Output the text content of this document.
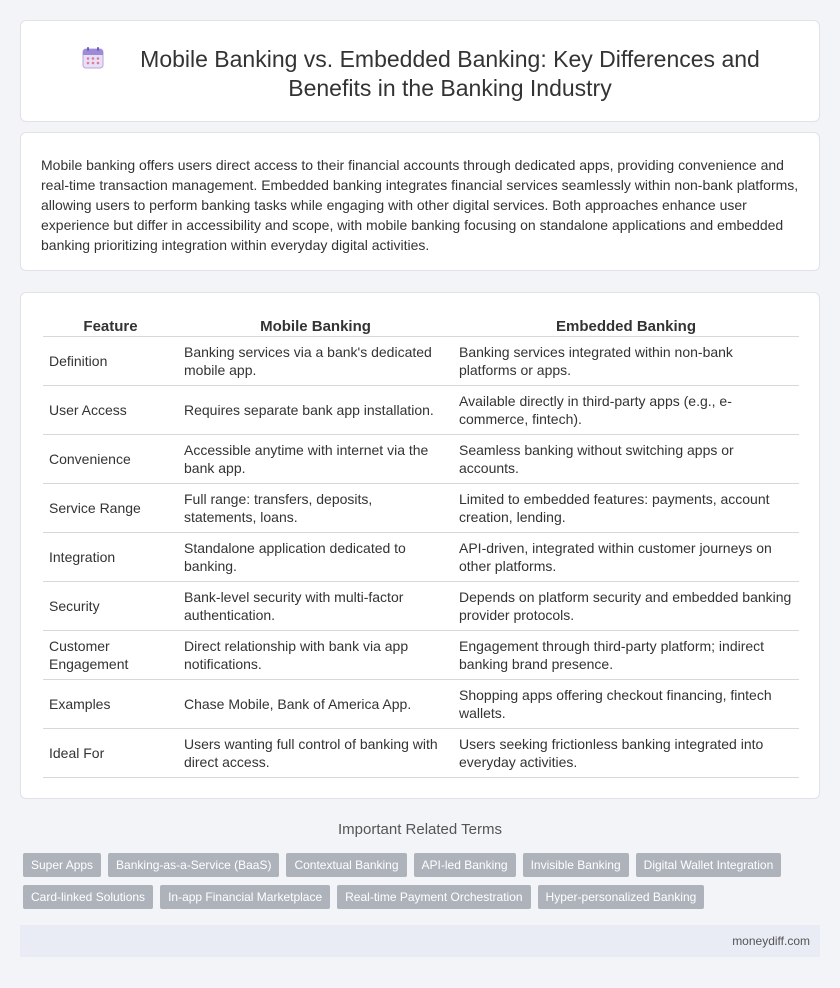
Mobile Banking vs. Embedded Banking: Key Differences and Benefits in the Banking Industry

Mobile banking offers users direct access to their financial accounts through dedicated apps, providing convenience and real-time transaction management. Embedded banking integrates financial services seamlessly within non-bank platforms, allowing users to perform banking tasks while engaging with other digital services. Both approaches enhance user experience but differ in accessibility and scope, with mobile banking focusing on standalone applications and embedded banking prioritizing integration within everyday digital activities.

Feature	Mobile Banking	Embedded Banking
Definition	Banking services via a bank's dedicated mobile app.	Banking services integrated within non-bank platforms or apps.
User Access	Requires separate bank app installation.	Available directly in third-party apps (e.g., e-commerce, fintech).
Convenience	Accessible anytime with internet via the bank app.	Seamless banking without switching apps or accounts.
Service Range	Full range: transfers, deposits, statements, loans.	Limited to embedded features: payments, account creation, lending.
Integration	Standalone application dedicated to banking.	API-driven, integrated within customer journeys on other platforms.
Security	Bank-level security with multi-factor authentication.	Depends on platform security and embedded banking provider protocols.
Customer Engagement	Direct relationship with bank via app notifications.	Engagement through third-party platform; indirect banking brand presence.
Examples	Chase Mobile, Bank of America App.	Shopping apps offering checkout financing, fintech wallets.
Ideal For	Users wanting full control of banking with direct access.	Users seeking frictionless banking integrated into everyday activities.
Important Related Terms
Super Apps	Banking-as-a-Service (BaaS)	Contextual Banking	API-led Banking	Invisible Banking	Digital Wallet Integration
Card-linked Solutions	In-app Financial Marketplace	Real-time Payment Orchestration	Hyper-personalized Banking
moneydiff.com
